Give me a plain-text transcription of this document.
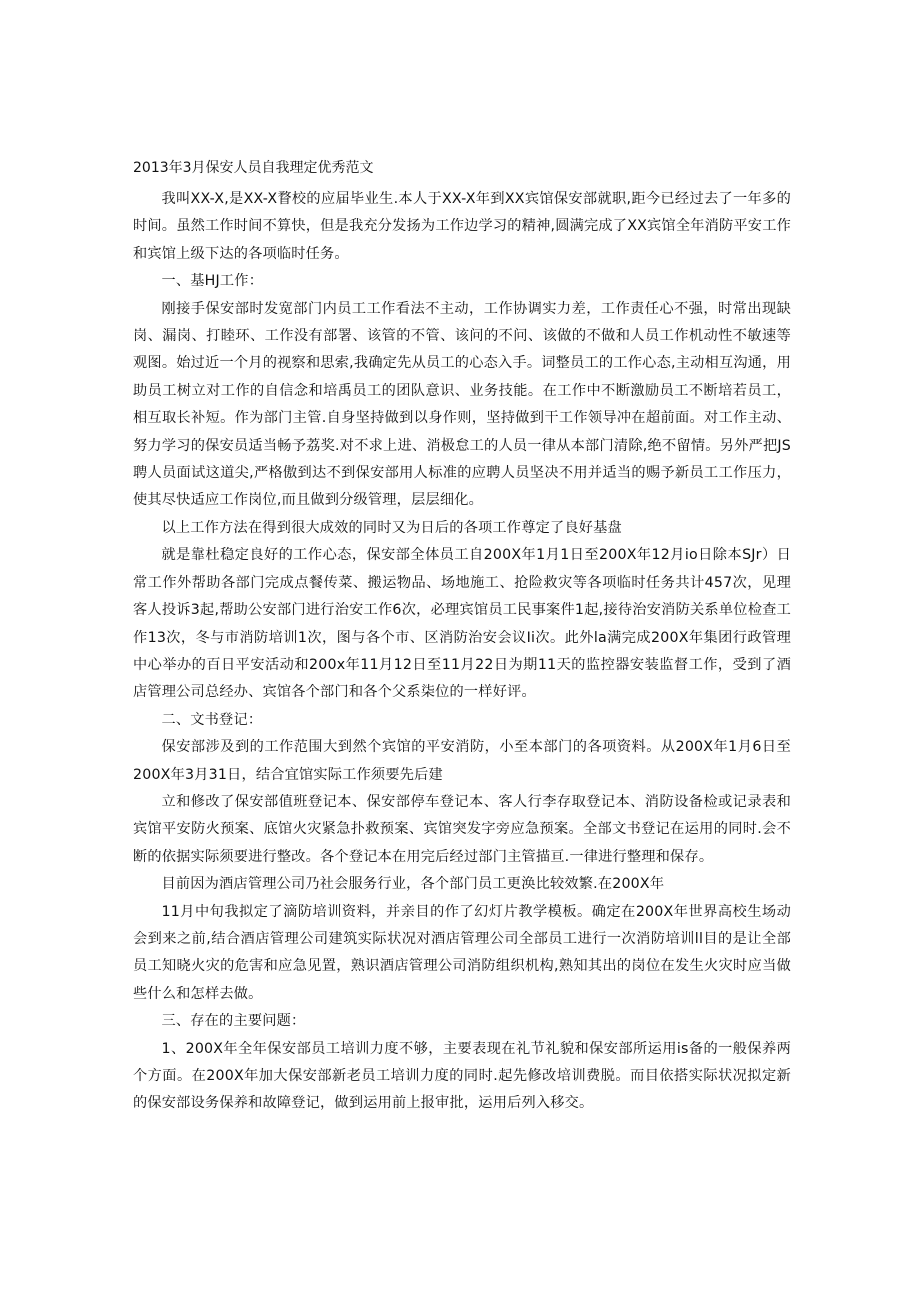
2013年3月保安人员自我理定优秀范文

我叫XX-X,是XX-X瞀校的应届毕业生.本人于XX-X年到XX宾馆保安部就职,距今已经过去了一年多的时间。虽然工作时间不算快，但是我充分发扬为工作边学习的精神,圆满完成了XX宾馆全年消防平安工作和宾馆上级下达的各项临时任务。

一、基HJ工作：

刚接手保安部时发宽部门内员工工作看法不主动，工作协调实力差，工作责任心不强，时常出现缺岗、漏岗、打睦环、工作没有部署、该管的不管、该问的不问、该做的不做和人员工作机动性不敏速等观图。始过近一个月的视察和思索,我确定先从员工的心态入手。词整员工的工作心态,主动相互沟通，用助员工树立对工作的自信念和培禹员工的团队意识、业务技能。在工作中不断激励员工不断培若员工，相互取长补短。作为部门主管.自身坚持做到以身作则，坚持做到干工作领导冲在超前面。对工作主动、努力学习的保安员适当畅予荔奖.对不求上进、消极怠工的人员一律从本部门清除,绝不留情。另外严把JS聘人员面试这道尖,严格傲到达不到保安部用人标准的应聘人员坚决不用并适当的赐予新员工工作压力，使其尽快适应工作岗位,而且做到分级管理，层层细化。

以上工作方法在得到很大成效的同时又为日后的各项工作尊定了良好基盘

就是靠杜稳定良好的工作心态，保安部全体员工自200X年1月1日至200X年12月io日除本SJr）日常工作外帮助各部门完成点餐传菜、搬运物品、场地施工、抢险救灾等各项临时任务共计457次，见理客人投诉3起,帮助公安部门进行治安工作6次，必理宾馆员工民事案件1起,接待治安消防关系单位检查工作13次，冬与市消防培训1次，图与各个市、区消防治安会议Ii次。此外la满完成200X年集团行政管理中心举办的百日平安活动和200x年11月12日至11月22日为期11天的监控器安装监督工作，受到了酒店管理公司总经办、宾馆各个部门和各个父系柒位的一样好评。

二、文书登记：

保安部涉及到的工作范围大到然个宾馆的平安消防，小至本部门的各项资料。从200X年1月6日至200X年3月31日，结合宜馆实际工作须要先后建

立和修改了保安部值班登记本、保安部停车登记本、客人行李存取登记本、消防设备检或记录表和宾馆平安防火预案、底馆火灾紧急扑救预案、宾馆突发字旁应急预案。全部文书登记在运用的同时.会不断的依据实际须要进行整改。各个登记本在用完后经过部门主管描亘.一律进行整理和保存。

目前因为酒店管理公司乃社会服务行业，各个部门员工更涣比较效繁.在200X年

11月中旬我拟定了滴防培训资料，并亲目的作了幻灯片教学模板。确定在200X年世界高校生场动会到来之前,结合酒店管理公司建筑实际状况对酒店管理公司全部员工进行一次消防培训ll目的是让全部员工知晓火灾的危害和应急见置，熟识酒店管理公司消防组织机构,熟知其出的岗位在发生火灾时应当做些什么和怎样去做。

三、存在的主要问题：

1、200X年全年保安部员工培训力度不够，主要表现在礼节礼貌和保安部所运用is备的一般保养两个方面。在200X年加大保安部新老员工培训力度的同时.起先修改培训费脱。而目依搭实际状况拟定新的保安部设务保养和故障登记，做到运用前上报审批，运用后列入移交。
